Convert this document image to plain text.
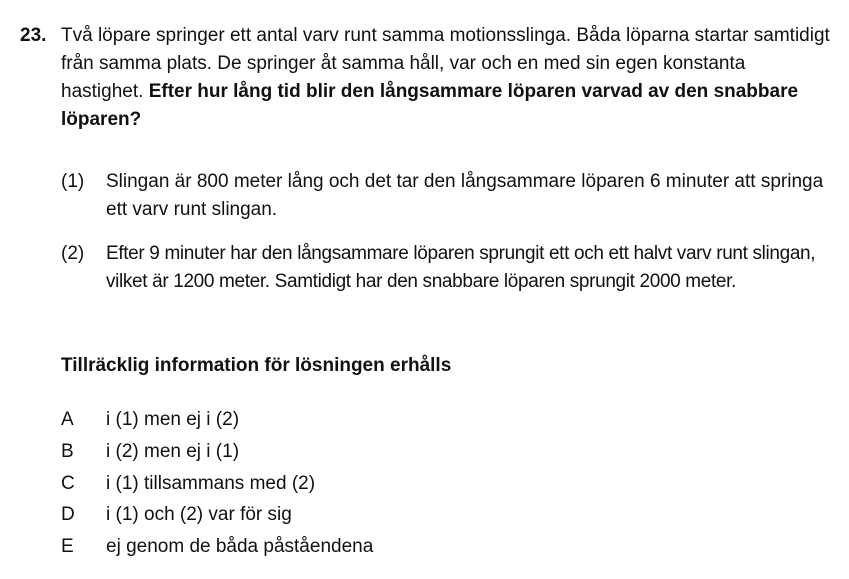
23. Två löpare springer ett antal varv runt samma motionsslinga. Båda löparna startar samtidigt från samma plats. De springer åt samma håll, var och en med sin egen konstanta hastighet. Efter hur lång tid blir den långsammare löparen varvad av den snabbare löparen?
(1) Slingan är 800 meter lång och det tar den långsammare löparen 6 minuter att springa ett varv runt slingan.
(2) Efter 9 minuter har den långsammare löparen sprungit ett och ett halvt varv runt slingan, vilket är 1200 meter. Samtidigt har den snabbare löparen sprungit 2000 meter.
Tillräcklig information för lösningen erhålls
A i (1) men ej i (2)
B i (2) men ej i (1)
C i (1) tillsammans med (2)
D i (1) och (2) var för sig
E ej genom de båda påståendena
